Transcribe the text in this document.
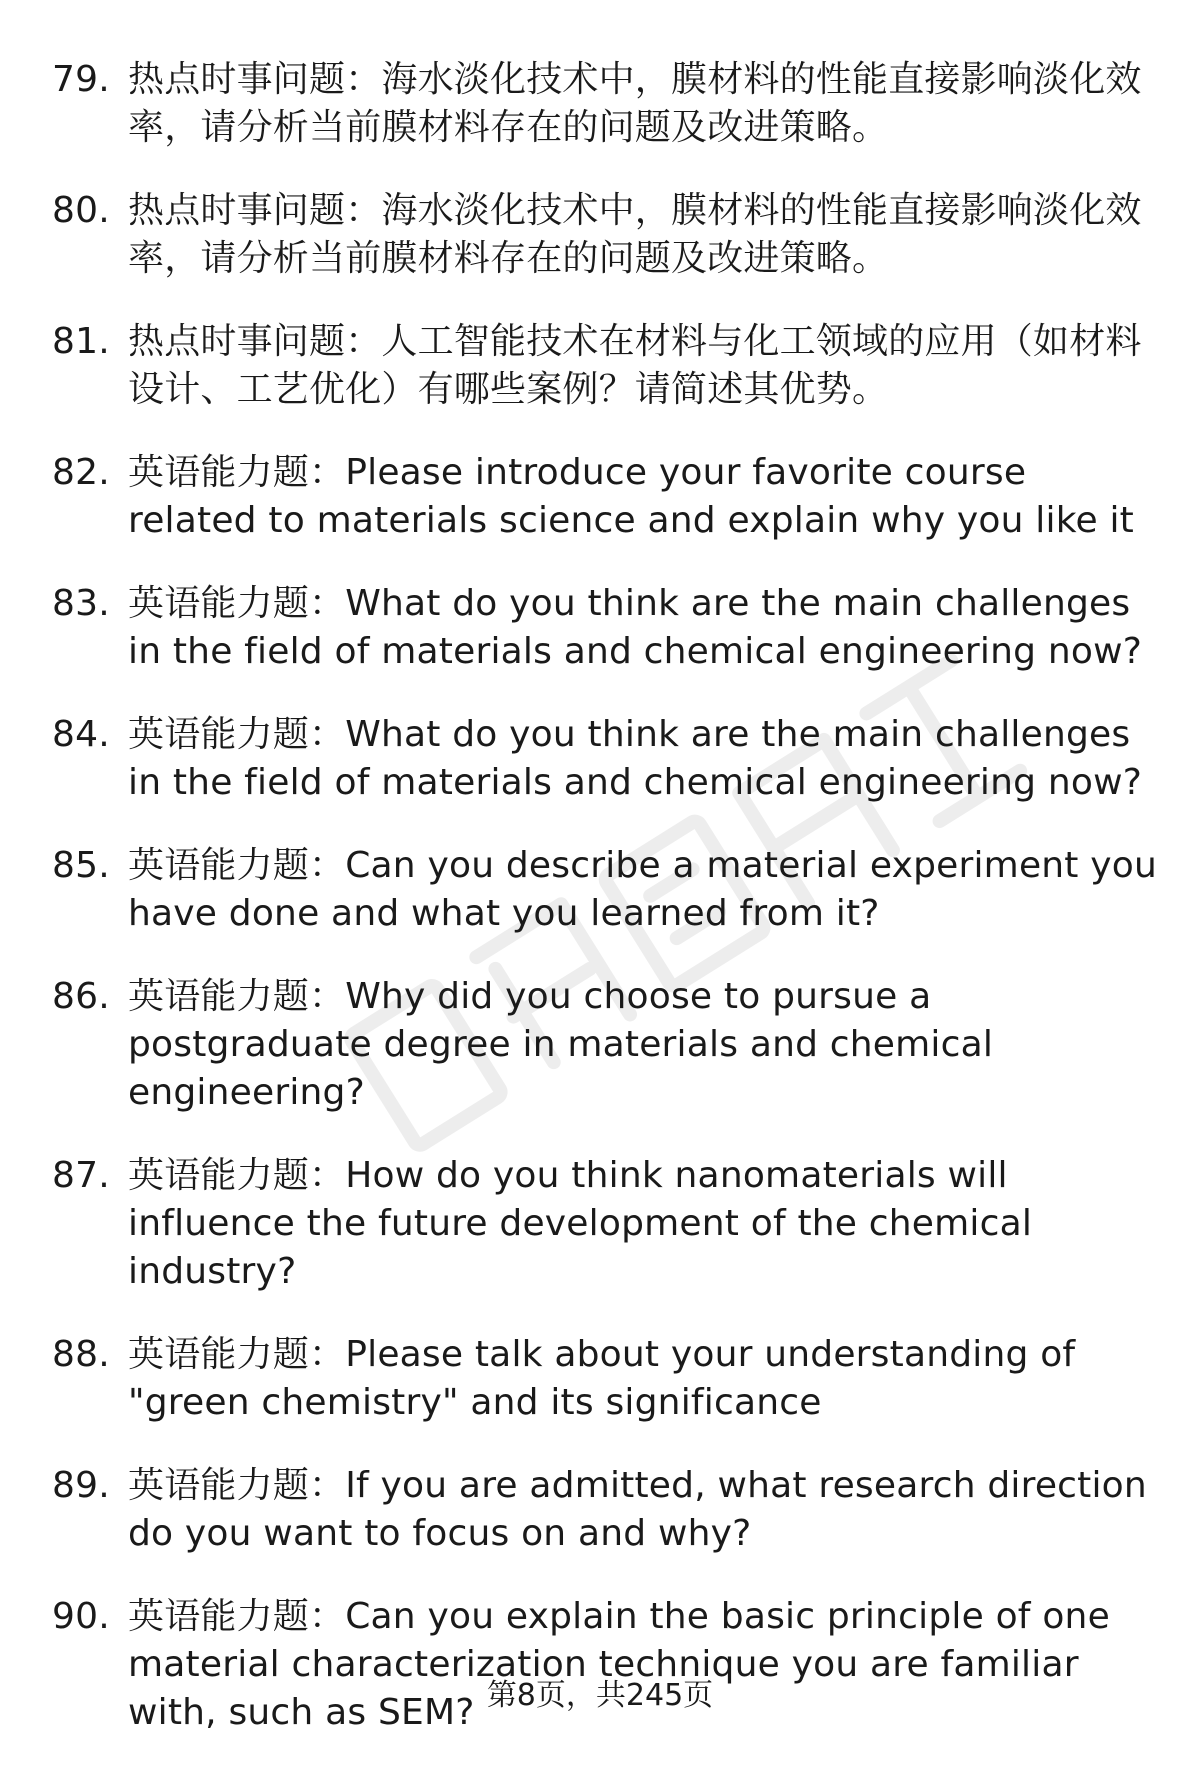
79. 热点时事问题：海水淡化技术中，膜材料的性能直接影响淡化效率，请分析当前膜材料存在的问题及改进策略。
80. 热点时事问题：海水淡化技术中，膜材料的性能直接影响淡化效率，请分析当前膜材料存在的问题及改进策略。
81. 热点时事问题：人工智能技术在材料与化工领域的应用（如材料设计、工艺优化）有哪些案例？请简述其优势。
82. 英语能力题：Please introduce your favorite course related to materials science and explain why you like it
83. 英语能力题：What do you think are the main challenges in the field of materials and chemical engineering now?
84. 英语能力题：What do you think are the main challenges in the field of materials and chemical engineering now?
85. 英语能力题：Can you describe a material experiment you have done and what you learned from it?
86. 英语能力题：Why did you choose to pursue a postgraduate degree in materials and chemical engineering?
87. 英语能力题：How do you think nanomaterials will influence the future development of the chemical industry?
88. 英语能力题：Please talk about your understanding of "green chemistry" and its significance
89. 英语能力题：If you are admitted, what research direction do you want to focus on and why?
90. 英语能力题：Can you explain the basic principle of one material characterization technique you are familiar with, such as SEM? 第8页，共245页
